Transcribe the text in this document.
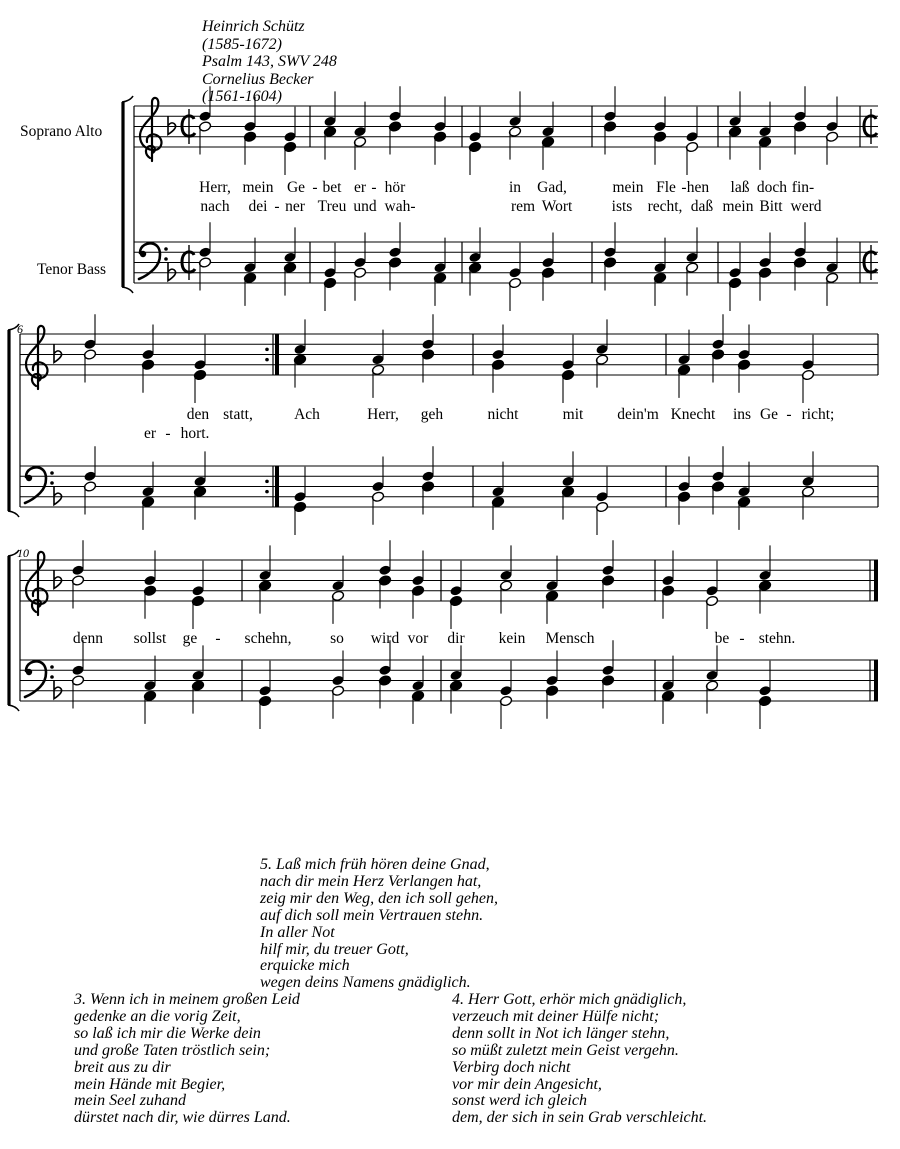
Herr, mein Ge - bet er - hör	in Gad,	mein Fle - hen laß doch fin-
nach dei - ner Treu und wah-	rem Wort	ists recht, daß mein Bitt werd
den statt,	Ach	Herr, geh	nicht	mit dein'm Knecht ins Ge - richt;
er - hort.
denn sollst ge - schehn, so wird vor dir kein Mensch	be - stehn.
Soprano Alto
Tenor Bass
6
10
Heinrich Schütz
(1585-1672)
Psalm 143, SWV 248
Cornelius Becker
(1561-1604)
5. Laß mich früh hören deine Gnad,
nach dir mein Herz Verlangen hat,
zeig mir den Weg, den ich soll gehen,
auf dich soll mein Vertrauen stehn.
In aller Not
hilf mir, du treuer Gott,
erquicke mich
wegen deins Namens gnädiglich.
3. Wenn ich in meinem großen Leid
gedenke an die vorig Zeit,
so laß ich mir die Werke dein
und große Taten tröstlich sein;
breit aus zu dir
mein Hände mit Begier,
mein Seel zuhand
dürstet nach dir, wie dürres Land.
4. Herr Gott, erhör mich gnädiglich,
verzeuch mit deiner Hülfe nicht;
denn sollt in Not ich länger stehn,
so müßt zuletzt mein Geist vergehn.
Verbirg doch nicht
vor mir dein Angesicht,
sonst werd ich gleich
dem, der sich in sein Grab verschleicht.
